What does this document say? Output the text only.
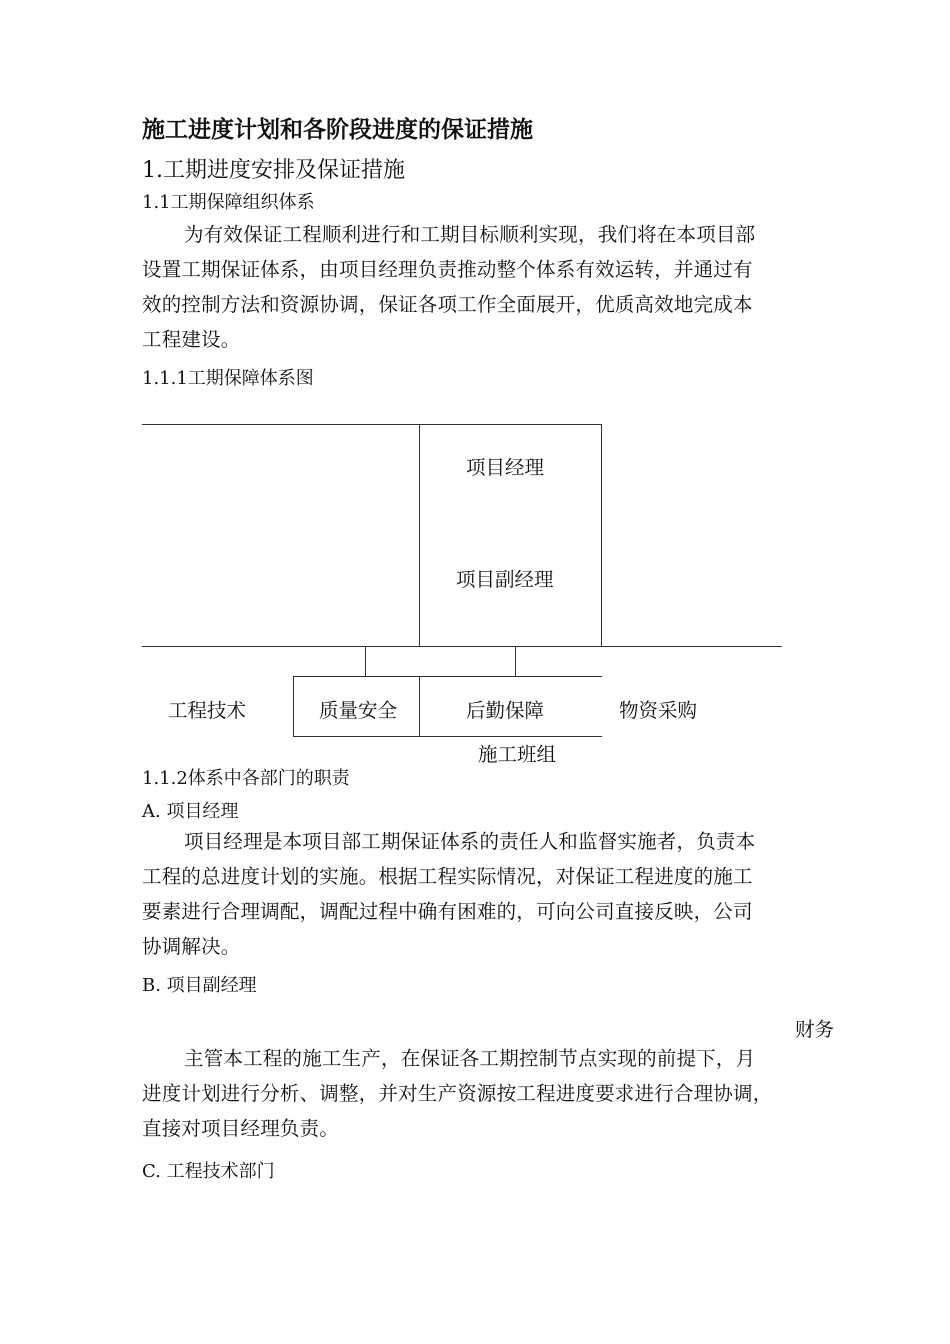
施工进度计划和各阶段进度的保证措施
1.工期进度安排及保证措施
1.1工期保障组织体系
为有效保证工程顺利进行和工期目标顺利实现，我们将在本项目部
设置工期保证体系，由项目经理负责推动整个体系有效运转，并通过有
效的控制方法和资源协调，保证各项工作全面展开，优质高效地完成本
工程建设。
1.1.1工期保障体系图
项目经理
项目副经理
工程技术	质量安全	后勤保障	物资采购
施工班组
1.1.2体系中各部门的职责
A. 项目经理
项目经理是本项目部工期保证体系的责任人和监督实施者，负责本
工程的总进度计划的实施。根据工程实际情况，对保证工程进度的施工
要素进行合理调配，调配过程中确有困难的，可向公司直接反映，公司
协调解决。
B. 项目副经理
财务
主管本工程的施工生产，在保证各工期控制节点实现的前提下，月
进度计划进行分析、调整，并对生产资源按工程进度要求进行合理协调，
直接对项目经理负责。
C. 工程技术部门
